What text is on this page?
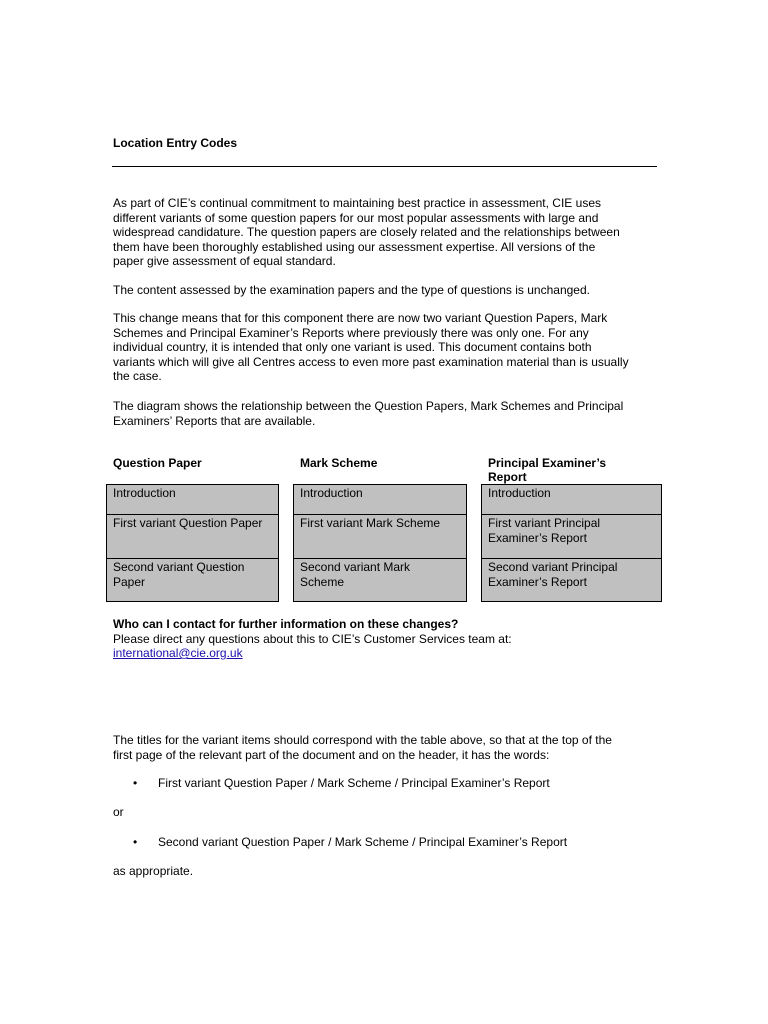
Location Entry Codes
As part of CIE’s continual commitment to maintaining best practice in assessment, CIE uses
different variants of some question papers for our most popular assessments with large and
widespread candidature. The question papers are closely related and the relationships between
them have been thoroughly established using our assessment expertise. All versions of the
paper give assessment of equal standard.
The content assessed by the examination papers and the type of questions is unchanged.
This change means that for this component there are now two variant Question Papers, Mark
Schemes and Principal Examiner’s Reports where previously there was only one. For any
individual country, it is intended that only one variant is used. This document contains both
variants which will give all Centres access to even more past examination material than is usually
the case.
The diagram shows the relationship between the Question Papers, Mark Schemes and Principal
Examiners’ Reports that are available.
Question Paper	Mark Scheme	Principal Examiner’s
Report
Introduction
First variant Question Paper
Second variant Question
Paper
Introduction
First variant Mark Scheme
Second variant Mark
Scheme
Introduction
First variant Principal
Examiner’s Report
Second variant Principal
Examiner’s Report
Who can I contact for further information on these changes?
Please direct any questions about this to CIE’s Customer Services team at:
international@cie.org.uk
The titles for the variant items should correspond with the table above, so that at the top of the
first page of the relevant part of the document and on the header, it has the words:
• First variant Question Paper / Mark Scheme / Principal Examiner’s Report
or
• Second variant Question Paper / Mark Scheme / Principal Examiner’s Report
as appropriate.
